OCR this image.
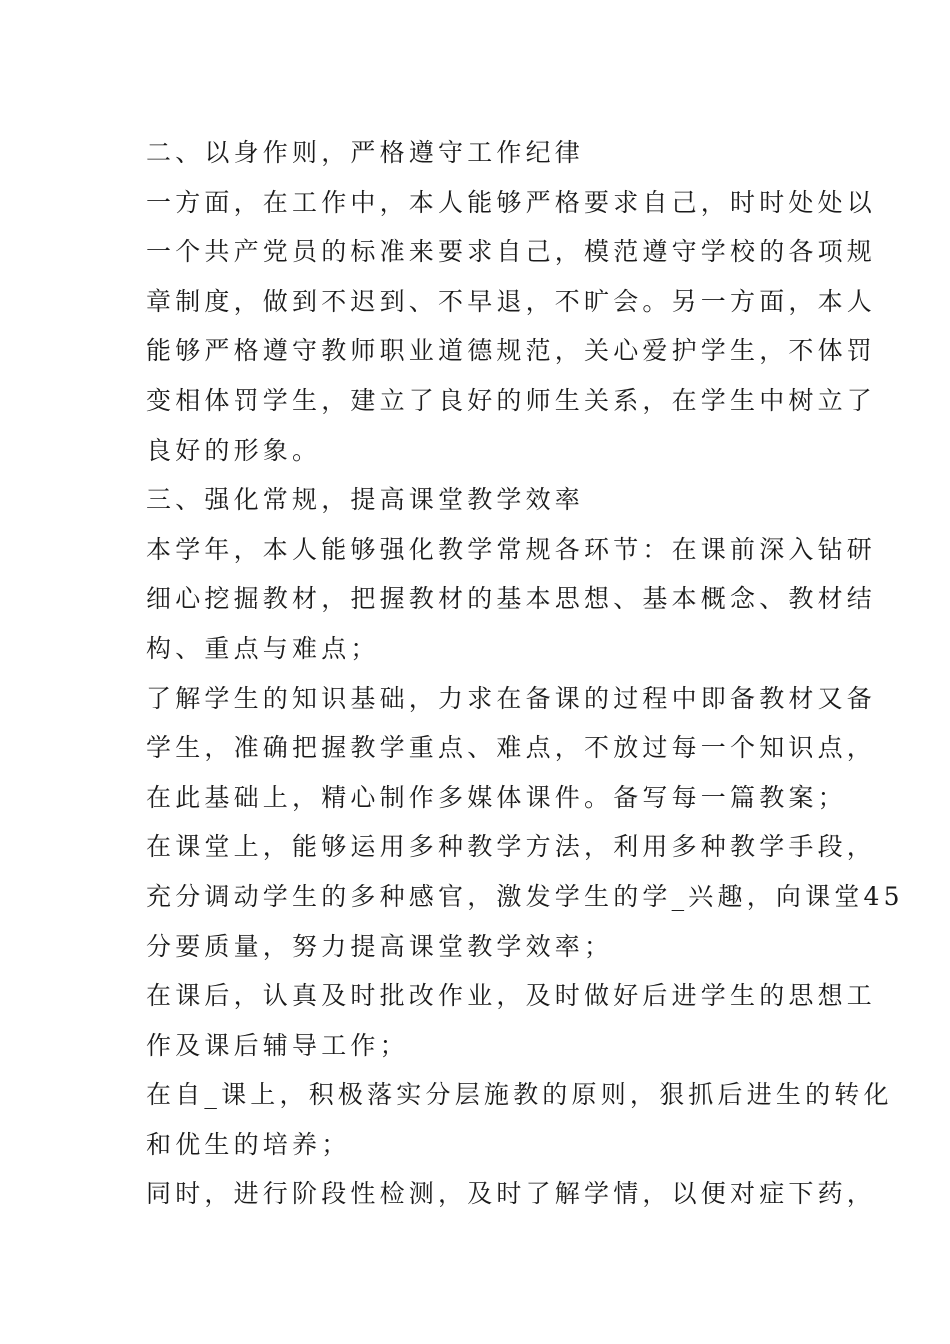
二、以身作则，严格遵守工作纪律
一方面，在工作中，本人能够严格要求自己，时时处处以
一个共产党员的标准来要求自己，模范遵守学校的各项规
章制度，做到不迟到、不早退，不旷会。另一方面，本人
能够严格遵守教师职业道德规范，关心爱护学生，不体罚
变相体罚学生，建立了良好的师生关系，在学生中树立了
良好的形象。
三、强化常规，提高课堂教学效率
本学年，本人能够强化教学常规各环节：在课前深入钻研
细心挖掘教材，把握教材的基本思想、基本概念、教材结
构、重点与难点；
了解学生的知识基础，力求在备课的过程中即备教材又备
学生，准确把握教学重点、难点，不放过每一个知识点，
在此基础上，精心制作多媒体课件。备写每一篇教案；
在课堂上，能够运用多种教学方法，利用多种教学手段，
充分调动学生的多种感官，激发学生的学_兴趣，向课堂45
分要质量，努力提高课堂教学效率；
在课后，认真及时批改作业，及时做好后进学生的思想工
作及课后辅导工作；
在自_课上，积极落实分层施教的原则，狠抓后进生的转化
和优生的培养；
同时，进行阶段性检测，及时了解学情，以便对症下药，
